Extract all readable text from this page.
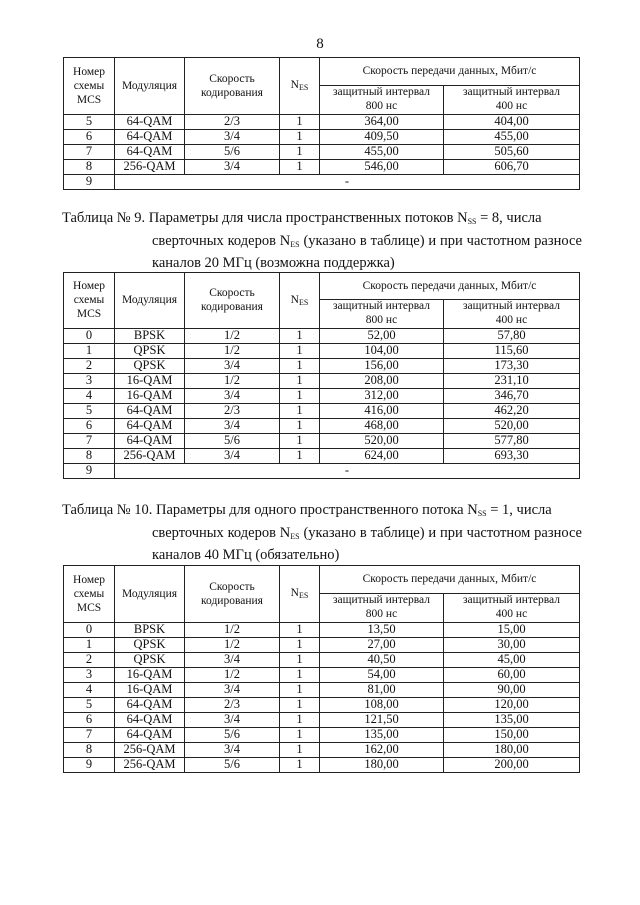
8
Номер
схемы
MCS	Модуляция	Скорость
кодирования	$N_{ES}$	Скорость передачи данных, Мбит/с	
				защитный интервал
800 нс	защитный интервал
400 нс
5	64-QAM	2/3	1	364,00	404,00
6	64-QAM	3/4	1	409,50	455,00
7	64-QAM	5/6	1	455,00	505,60
8	256-QAM	3/4	1	546,00	606,70
9	-				
Таблица № 9. Параметры для числа пространственных потоков $N_{SS} = 8$, числа
сверточных кодеров $N_{ES}$ (указано в таблице) и при частотном разносе каналов 20 МГц (возможна поддержка)
Номер
схемы
MCS	Модуляция	Скорость
кодирования	$N_{ES}$	Скорость передачи данных, Мбит/с	
				защитный интервал
800 нс	защитный интервал
400 нс
0	BPSK	1/2	1	52,00	57,80
1	QPSK	1/2	1	104,00	115,60
2	QPSK	3/4	1	156,00	173,30
3	16-QAM	1/2	1	208,00	231,10
4	16-QAM	3/4	1	312,00	346,70
5	64-QAM	2/3	1	416,00	462,20
6	64-QAM	3/4	1	468,00	520,00
7	64-QAM	5/6	1	520,00	577,80
8	256-QAM	3/4	1	624,00	693,30
9	-				
Таблица № 10. Параметры для одного пространственного потока $N_{SS} = 1$, числа
сверточных кодеров $N_{ES}$ (указано в таблице) и при частотном разносе каналов 40 МГц (обязательно)
Номер
схемы
MCS	Модуляция	Скорость
кодирования	$N_{ES}$	Скорость передачи данных, Мбит/с	
				защитный интервал
800 нс	защитный интервал
400 нс
0	BPSK	1/2	1	13,50	15,00
1	QPSK	1/2	1	27,00	30,00
2	QPSK	3/4	1	40,50	45,00
3	16-QAM	1/2	1	54,00	60,00
4	16-QAM	3/4	1	81,00	90,00
5	64-QAM	2/3	1	108,00	120,00
6	64-QAM	3/4	1	121,50	135,00
7	64-QAM	5/6	1	135,00	150,00
8	256-QAM	3/4	1	162,00	180,00
9	256-QAM	5/6	1	180,00	200,00
